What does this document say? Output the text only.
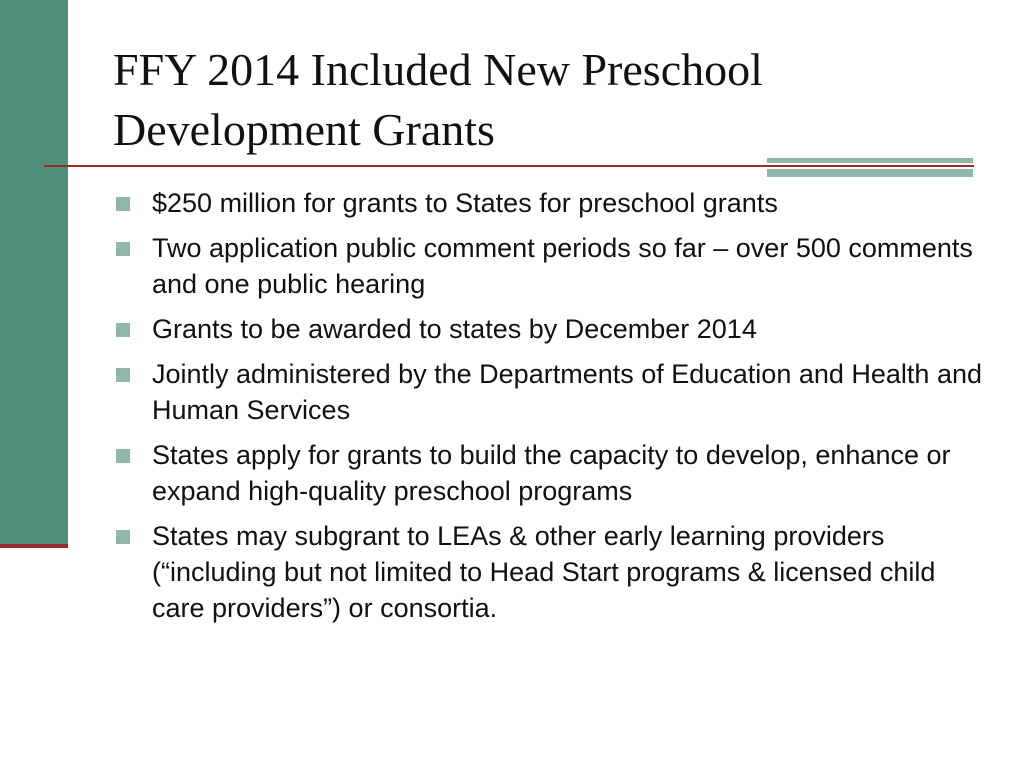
FFY 2014 Included New Preschool Development Grants
$250 million for grants to States for preschool grants
Two application public comment periods so far – over 500 comments and one public hearing
Grants to be awarded to states by December 2014
Jointly administered by the Departments of Education and Health and Human Services
States apply for grants to build the capacity to develop, enhance or expand high-quality preschool programs
States may subgrant to LEAs & other early learning providers (“including but not limited to Head Start programs & licensed child care providers”) or consortia.
